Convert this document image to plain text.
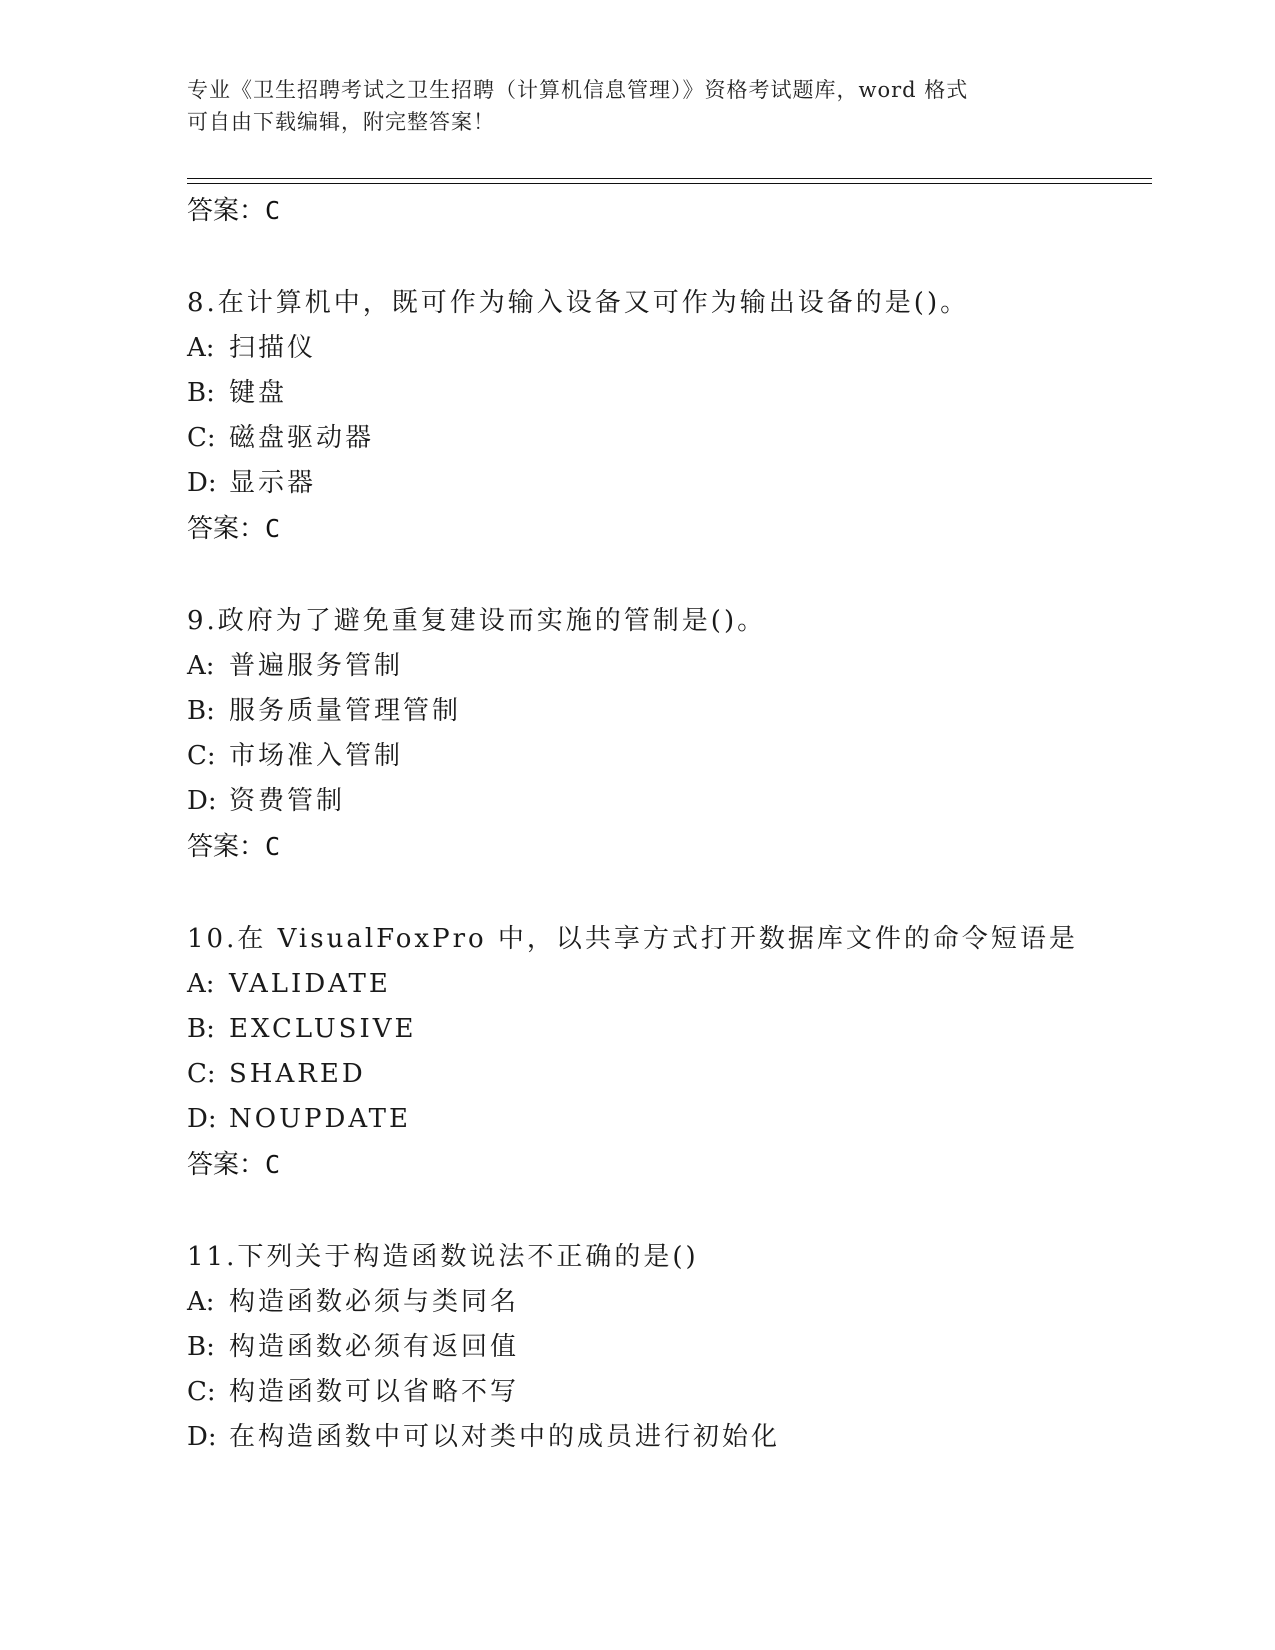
专业《卫生招聘考试之卫生招聘（计算机信息管理）》资格考试题库，word 格式
可自由下载编辑，附完整答案！
答案：C
8.在计算机中，既可作为输入设备又可作为输出设备的是()。
A: 扫描仪
B: 键盘
C: 磁盘驱动器
D: 显示器
答案：C
9.政府为了避免重复建设而实施的管制是()。
A: 普遍服务管制
B: 服务质量管理管制
C: 市场准入管制
D: 资费管制
答案：C
10.在 VisualFoxPro 中，以共享方式打开数据库文件的命令短语是
A: VALIDATE
B: EXCLUSIVE
C: SHARED
D: NOUPDATE
答案：C
11.下列关于构造函数说法不正确的是()
A: 构造函数必须与类同名
B: 构造函数必须有返回值
C: 构造函数可以省略不写
D: 在构造函数中可以对类中的成员进行初始化
